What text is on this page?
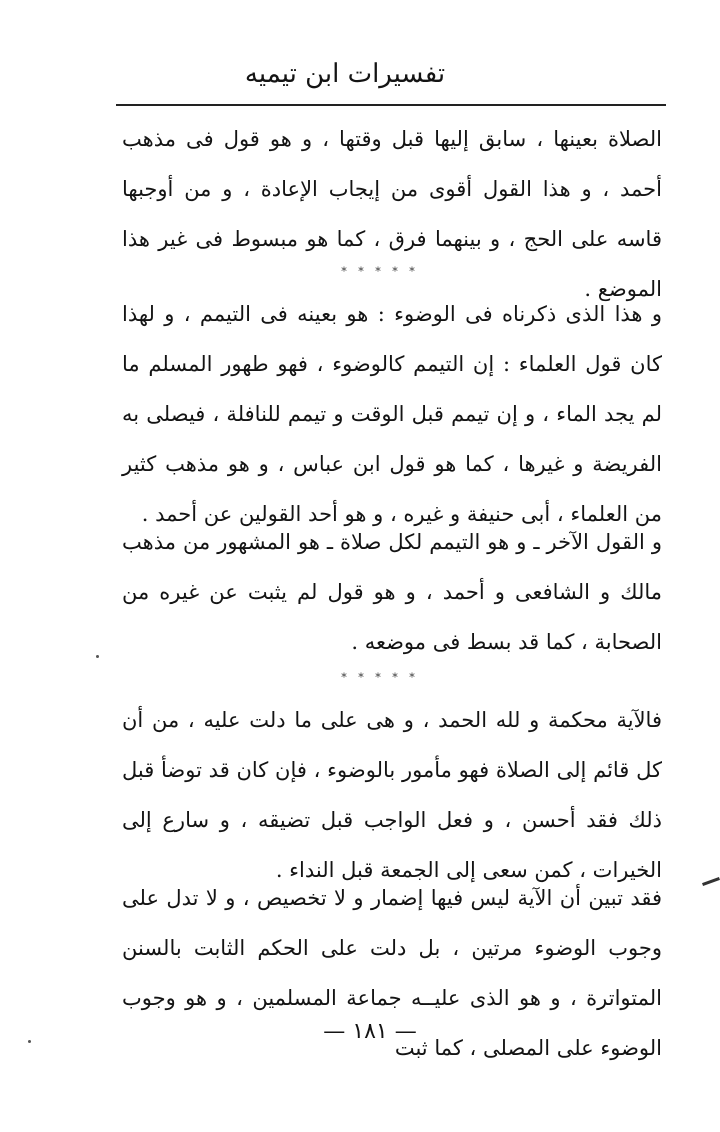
تفسيرات ابن تيميه

الصلاة بعينها ، سابق إليها قبل وقتها ، و هو قول فى مذهب أحمد ، و هذا القول أقوى من إيجاب الإعادة ، و من أوجبها قاسه على الحج ، و بينهما فرق ، كما هو مبسوط فى غير هذا الموضع .

* * * * *

و هذا الذى ذكرناه فى الوضوء : هو بعينه فى التيمم ، و لهذا كان قول العلماء : إن التيمم كالوضوء ، فهو طهور المسلم ما لم يجد الماء ، و إن تيمم قبل الوقت و تيمم للنافلة ، فيصلى به الفريضة و غيرها ، كما هو قول ابن عباس ، و هو مذهب كثير من العلماء ، أبى حنيفة و غيره ، و هو أحد القولين عن أحمد .

و القول الآخر ـ و هو التيمم لكل صلاة ـ هو المشهور من مذهب مالك و الشافعى و أحمد ، و هو قول لم يثبت عن غيره من الصحابة ، كما قد بسط فى موضعه .

* * * * *

فالآية محكمة و لله الحمد ، و هى على ما دلت عليه ، من أن كل قائم إلى الصلاة فهو مأمور بالوضوء ، فإن كان قد توضأ قبل ذلك فقد أحسن ، و فعل الواجب قبل تضيقه ، و سارع إلى الخيرات ، كمن سعى إلى الجمعة قبل النداء .

فقد تبين أن الآية ليس فيها إضمار و لا تخصيص ، و لا تدل على وجوب الوضوء مرتين ، بل دلت على الحكم الثابت بالسنن المتواترة ، و هو الذى عليــه جماعة المسلمين ، و هو وجوب الوضوء على المصلى ، كما ثبت

— ١٨١ —
